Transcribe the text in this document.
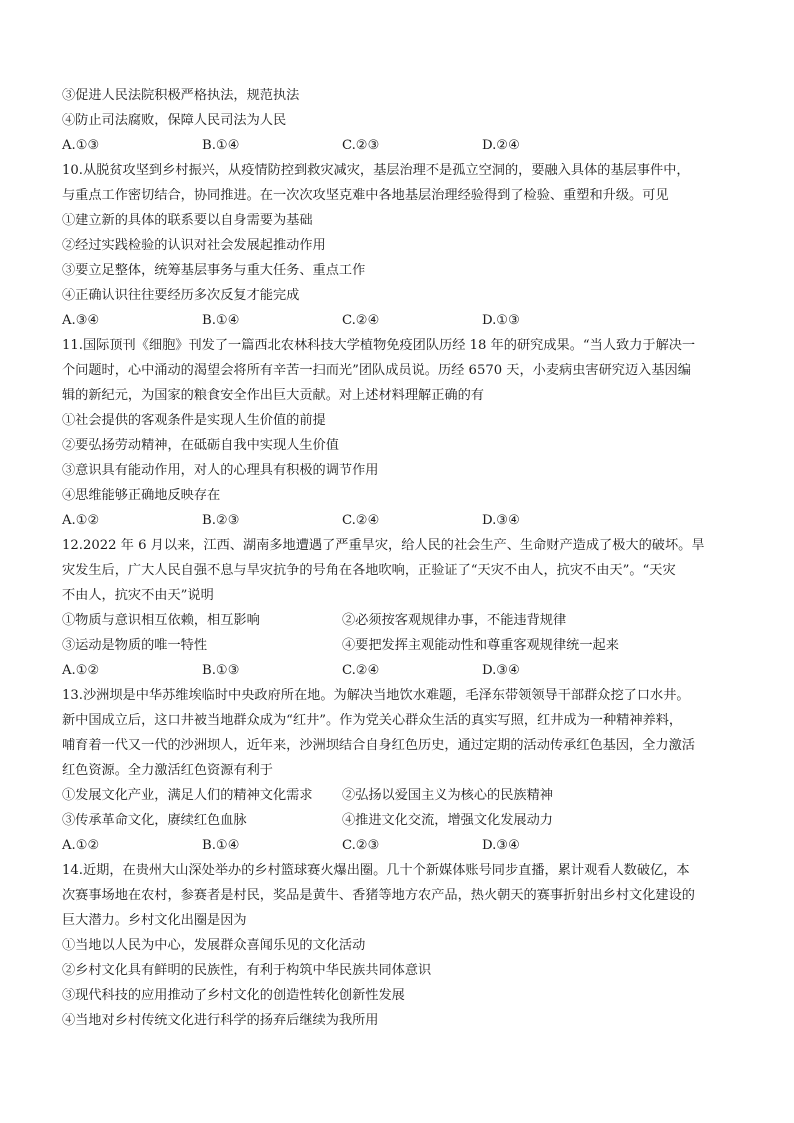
③促进人民法院积极严格执法，规范执法
④防止司法腐败，保障人民司法为人民
A.①③	B.①④	C.②③	D.②④
10.从脱贫攻坚到乡村振兴，从疫情防控到救灾减灾，基层治理不是孤立空洞的，要融入具体的基层事件中，
与重点工作密切结合，协同推进。在一次次攻坚克难中各地基层治理经验得到了检验、重塑和升级。可见
①建立新的具体的联系要以自身需要为基础
②经过实践检验的认识对社会发展起推动作用
③要立足整体，统筹基层事务与重大任务、重点工作
④正确认识往往要经历多次反复才能完成
A.③④	B.①④	C.②④	D.①③
11.国际顶刊《细胞》刊发了一篇西北农林科技大学植物免疫团队历经 18 年的研究成果。“当人致力于解决一
个问题时，心中涌动的渴望会将所有辛苦一扫而光”团队成员说。历经 6570 天，小麦病虫害研究迈入基因编
辑的新纪元，为国家的粮食安全作出巨大贡献。对上述材料理解正确的有
①社会提供的客观条件是实现人生价值的前提
②要弘扬劳动精神，在砥砺自我中实现人生价值
③意识具有能动作用，对人的心理具有积极的调节作用
④思维能够正确地反映存在
A.①②	B.②③	C.②④	D.③④
12.2022 年 6 月以来，江西、湖南多地遭遇了严重旱灾，给人民的社会生产、生命财产造成了极大的破坏。旱
灾发生后，广大人民自强不息与旱灾抗争的号角在各地吹响，正验证了“天灾不由人，抗灾不由天”。“天灾
不由人，抗灾不由天”说明
①物质与意识相互依赖，相互影响	②必须按客观规律办事，不能违背规律
③运动是物质的唯一特性	④要把发挥主观能动性和尊重客观规律统一起来
A.①②	B.①③	C.②④	D.③④
13.沙洲坝是中华苏维埃临时中央政府所在地。为解决当地饮水难题，毛泽东带领领导干部群众挖了口水井。
新中国成立后，这口井被当地群众成为“红井”。作为党关心群众生活的真实写照，红井成为一种精神养料，
哺育着一代又一代的沙洲坝人，近年来，沙洲坝结合自身红色历史，通过定期的活动传承红色基因，全力激活
红色资源。全力激活红色资源有利于
①发展文化产业，满足人们的精神文化需求	②弘扬以爱国主义为核心的民族精神
③传承革命文化，赓续红色血脉	④推进文化交流，增强文化发展动力
A.①②	B.①④	C.②③	D.③④
14.近期，在贵州大山深处举办的乡村篮球赛火爆出圈。几十个新媒体账号同步直播，累计观看人数破亿，本
次赛事场地在农村，参赛者是村民，奖品是黄牛、香猪等地方农产品，热火朝天的赛事折射出乡村文化建设的
巨大潜力。乡村文化出圈是因为
①当地以人民为中心，发展群众喜闻乐见的文化活动
②乡村文化具有鲜明的民族性，有利于构筑中华民族共同体意识
③现代科技的应用推动了乡村文化的创造性转化创新性发展
④当地对乡村传统文化进行科学的扬弃后继续为我所用
